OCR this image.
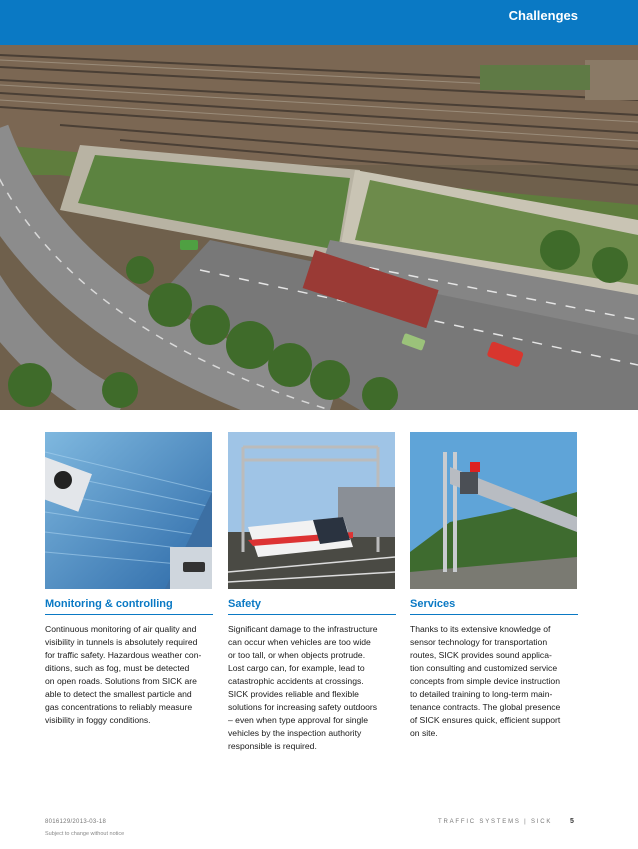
Challenges
Monitoring & controlling
Continuous monitoring of air quality and
visibility in tunnels is absolutely required
for traffic safety. Hazardous weather con-
ditions, such as fog, must be detected
on open roads. Solutions from SICK are
able to detect the smallest particle and
gas concentrations to reliably measure
visibility in foggy conditions.
Safety
Significant damage to the infrastructure
can occur when vehicles are too wide
or too tall, or when objects protrude.
Lost cargo can, for example, lead to
catastrophic accidents at crossings.
SICK provides reliable and flexible
solutions for increasing safety outdoors
– even when type approval for single
vehicles by the inspection authority
responsible is required.
Services
Thanks to its extensive knowledge of
sensor technology for transportation
routes, SICK provides sound applica-
tion consulting and customized service
concepts from simple device instruction
to detailed training to long-term main-
tenance contracts. The global presence
of SICK ensures quick, efficient support
on site.
8016129/2013-03-18
Subject to change without notice
TRAFFIC SYSTEMS | SICK	5
